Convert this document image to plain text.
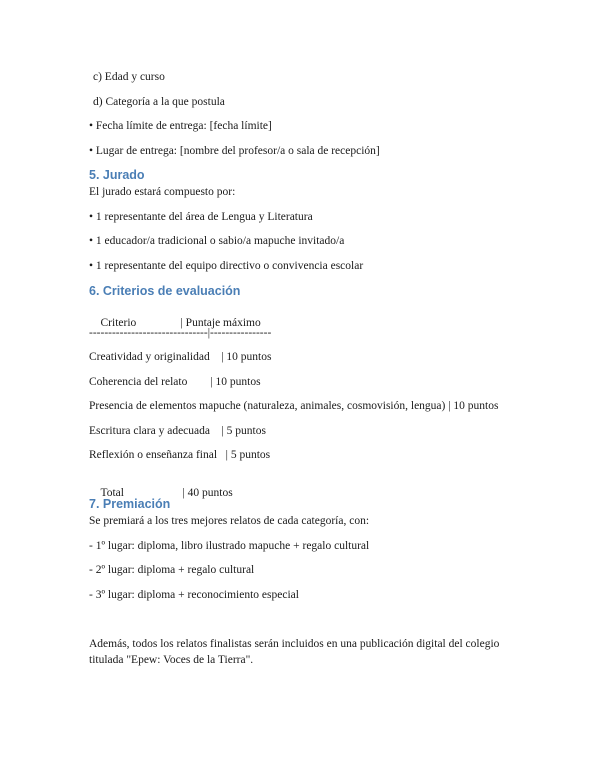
c) Edad y curso
d) Categoría a la que postula
• Fecha límite de entrega: [fecha límite]
• Lugar de entrega: [nombre del profesor/a o sala de recepción]
5. Jurado
El jurado estará compuesto por:
• 1 representante del área de Lengua y Literatura
• 1 educador/a tradicional o sabio/a mapuche invitado/a
• 1 representante del equipo directivo o convivencia escolar
6. Criterios de evaluación

Criterio	| Puntaje máximo

-------------------------------|----------------
Creatividad y originalidad    | 10 puntos
Coherencia del relato        | 10 puntos
Presencia de elementos mapuche (naturaleza, animales, cosmovisión, lengua) | 10 puntos
Escritura clara y adecuada    | 5 puntos
Reflexión o enseñanza final   | 5 puntos

Total	| 40 puntos

7. Premiación
Se premiará a los tres mejores relatos de cada categoría, con:
- 1º lugar: diploma, libro ilustrado mapuche + regalo cultural
- 2º lugar: diploma + regalo cultural
- 3º lugar: diploma + reconocimiento especial
Además, todos los relatos finalistas serán incluidos en una publicación digital del colegio
titulada "Epew: Voces de la Tierra".
